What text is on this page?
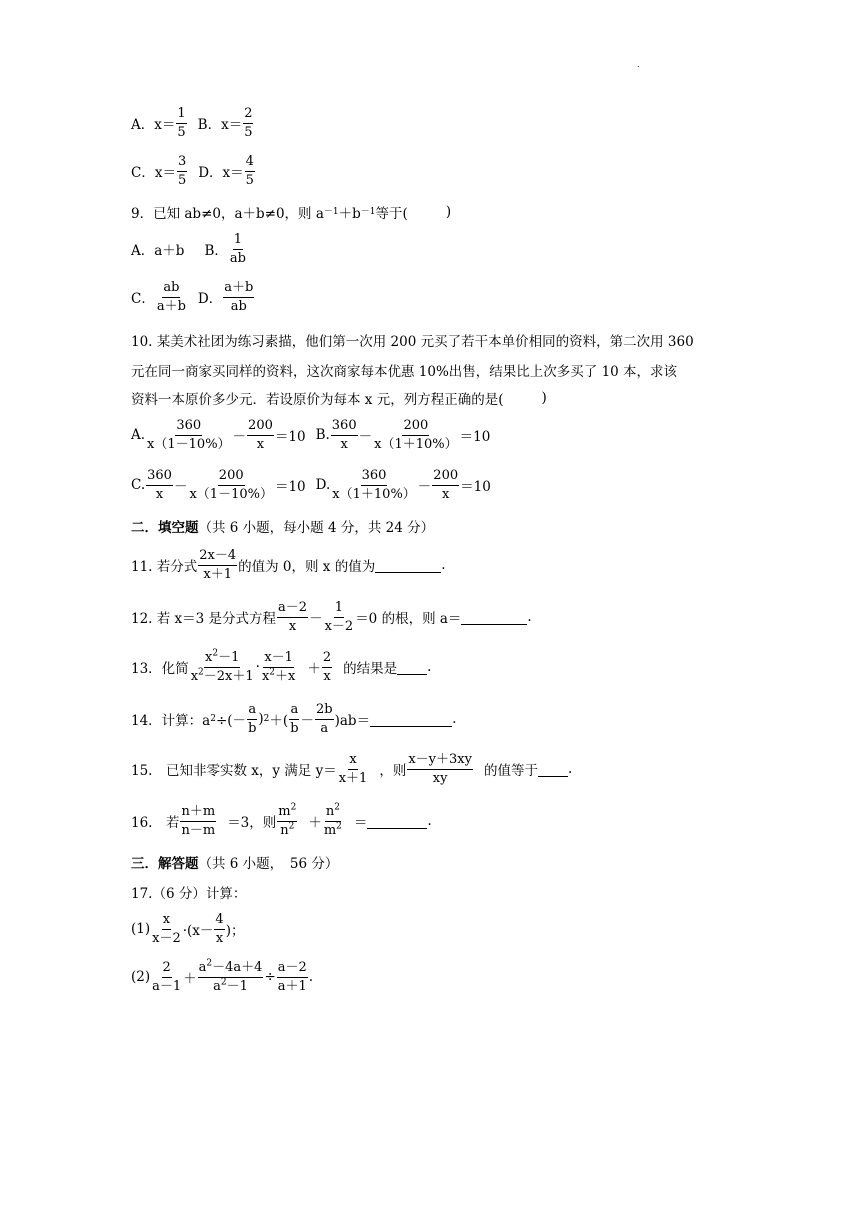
.
A．$x= \frac{1}{5}$ B．$x= \frac{2}{5}$
C．$x= \frac{3}{5}$ D．$x= \frac{4}{5}$
9．已知 ab≠0，a＋b≠0，则 a －1 ＋b －1 等于(	)
A．a＋b B． $\frac{1}{ab}$
C． $\frac{ab}{a+b}$ D． $\frac{a+b}{ab}$
10. 某美术社团为练习素描，他们第一次用 200 元买了若干本单价相同的资料，第二次用 360
元在同一商家买同样的资料，这次商家每本优惠 10%出售，结果比上次多买了 10 本，求该
资料一本原价多少元．若设原价为每本 x 元，列方程正确的是(	)
A. $\frac{360}{x(1-10\%)} - \frac{200}{x} =10$ B. $\frac{360}{x} - \frac{200}{x(1+10\%)} =10$
C. $\frac{360}{x} - \frac{200}{x(1-10\%)} =10$ D. $\frac{360}{x(1+10\%)} - \frac{200}{x} =10$
二．填空题 （共 6 小题，每小题 4 分，共 24 分）
11. 若分式 $\frac{2x-4}{x+1}$ 的值为 0，则 x 的值为	.
12. 若 x＝3 是分式方程 $\frac{a-2}{x} - \frac{1}{x-2} =0$ 的根，则 a＝	.
13．化简 $\frac{x^2-1}{x^2-2x+1} \cdot \frac{x-1}{x^2+x} + \frac{2}{x}$ 的结果是 .
14．计算：a 2 ÷(－ $\frac{a}{b}$ ) 2 ＋( $\frac{a}{b} - \frac{2b}{a} )ab=$	.
15.　已知非零实数 x，y 满足 $y= \frac{x}{x+1}$ ，则 $\frac{x-y+3xy}{xy}$ 的值等于 .
16.　若 $\frac{n+m}{n-m} =3$，则 $\frac{m^2}{n^2} + \frac{n^2}{m^2}$ ＝	.
三．解答题 （共 6 小题，　56 分）
17.（6 分）计算：
$(1) \frac{x}{x-2} \cdot(x- \frac{4}{x}$ )；
$(2) \frac{2}{a-1} + \frac{a^2-4a+4}{a^2-1} \div \frac{a-2}{a+1}$ .
